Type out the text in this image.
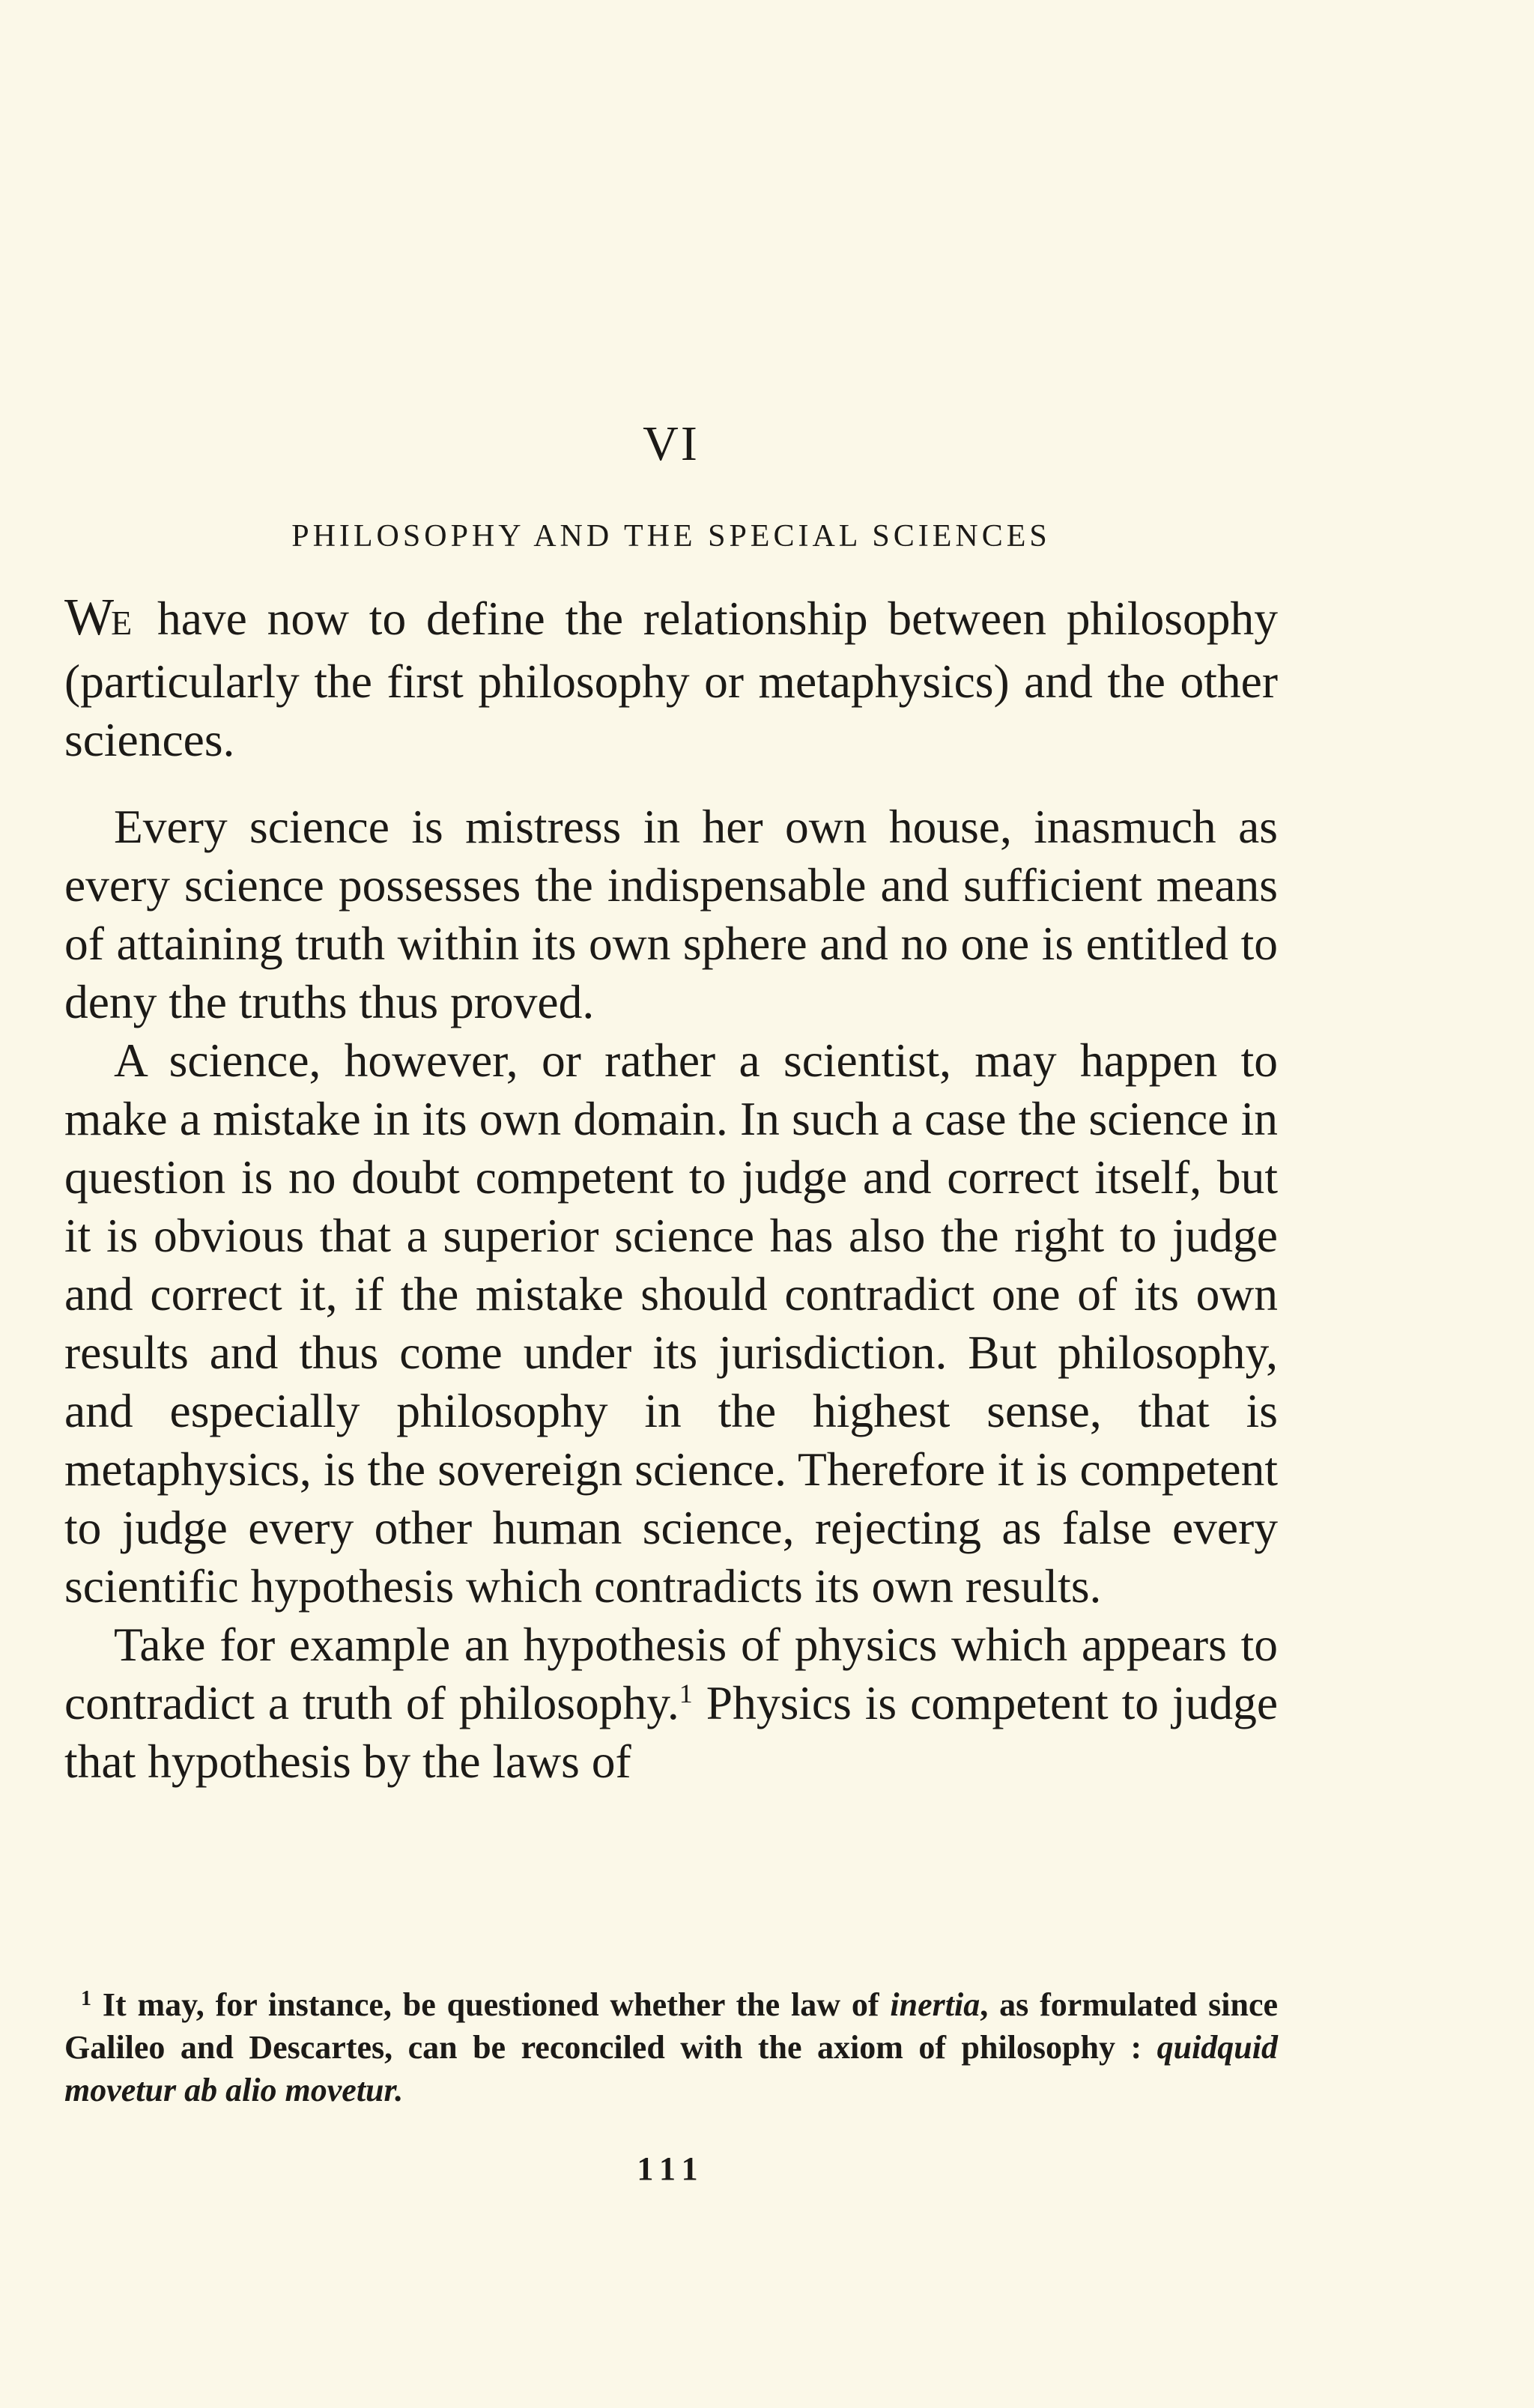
VI
PHILOSOPHY AND THE SPECIAL SCIENCES

WE have now to define the relationship between philosophy (particularly the first philosophy or metaphysics) and the other sciences.

Every science is mistress in her own house, inasmuch as every science possesses the indispensable and sufficient means of attaining truth within its own sphere and no one is entitled to deny the truths thus proved.

A science, however, or rather a scientist, may happen to make a mistake in its own domain. In such a case the science in question is no doubt competent to judge and correct itself, but it is obvious that a superior science has also the right to judge and correct it, if the mistake should contradict one of its own results and thus come under its jurisdiction. But philosophy, and especially philosophy in the highest sense, that is metaphysics, is the sovereign science. Therefore it is competent to judge every other human science, rejecting as false every scientific hypothesis which contradicts its own results.

Take for example an hypothesis of physics which appears to contradict a truth of philosophy.$^1$ Physics is competent to judge that hypothesis by the laws of

$^1$ It may, for instance, be questioned whether the law of inertia, as formulated since Galileo and Descartes, can be reconciled with the axiom of philosophy : quidquid movetur ab alio movetur.

111
